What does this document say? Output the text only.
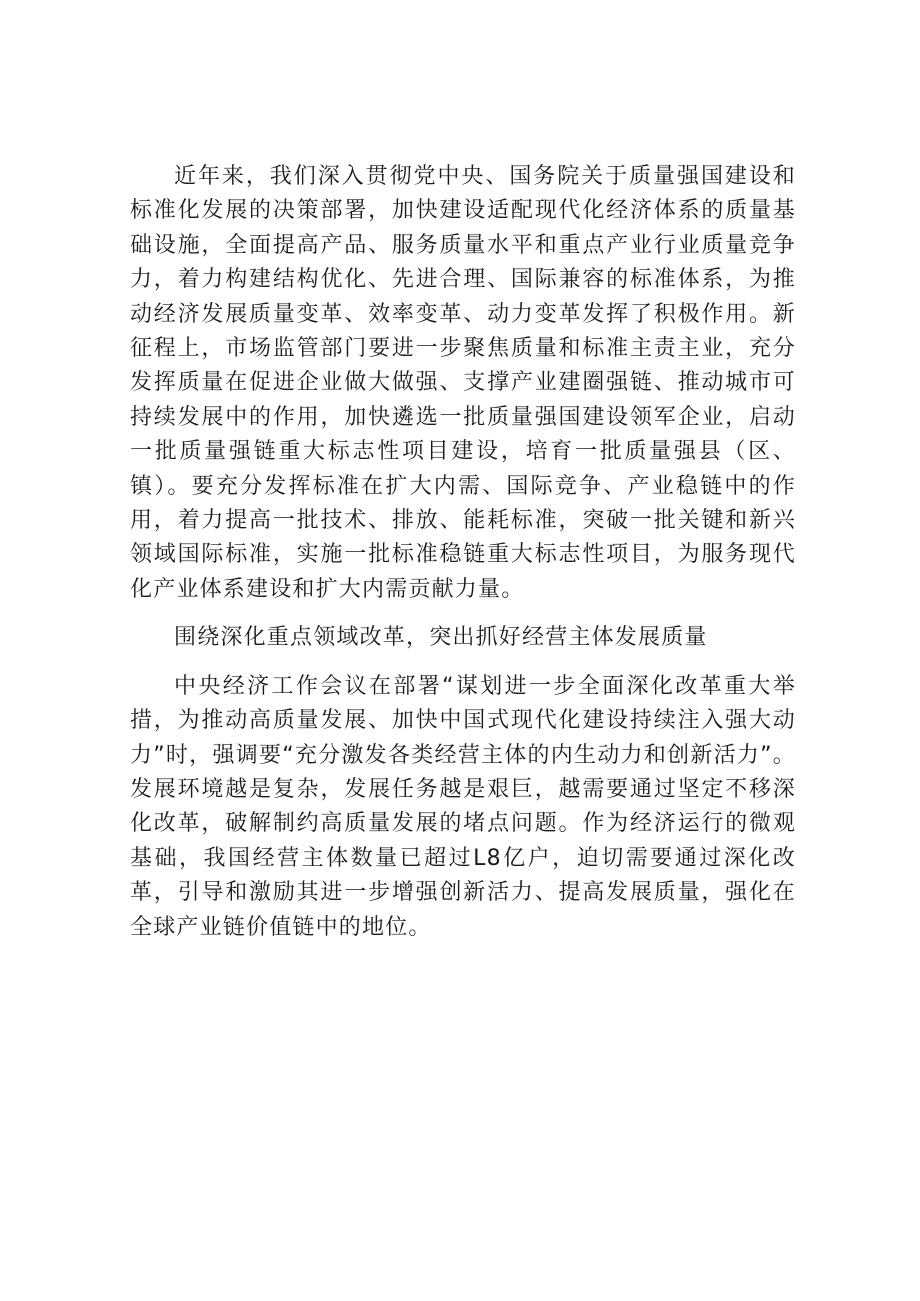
近年来，我们深入贯彻党中央、国务院关于质量强国建设和标准化发展的决策部署，加快建设适配现代化经济体系的质量基础设施，全面提高产品、服务质量水平和重点产业行业质量竞争力，着力构建结构优化、先进合理、国际兼容的标准体系，为推动经济发展质量变革、效率变革、动力变革发挥了积极作用。新征程上，市场监管部门要进一步聚焦质量和标准主责主业，充分发挥质量在促进企业做大做强、支撑产业建圈强链、推动城市可持续发展中的作用，加快遴选一批质量强国建设领军企业，启动一批质量强链重大标志性项目建设，培育一批质量强县（区、镇）。要充分发挥标准在扩大内需、国际竞争、产业稳链中的作用，着力提高一批技术、排放、能耗标准，突破一批关键和新兴领域国际标准，实施一批标准稳链重大标志性项目，为服务现代化产业体系建设和扩大内需贡献力量。

围绕深化重点领域改革，突出抓好经营主体发展质量

中央经济工作会议在部署“谋划进一步全面深化改革重大举措，为推动高质量发展、加快中国式现代化建设持续注入强大动力”时，强调要“充分激发各类经营主体的内生动力和创新活力”。发展环境越是复杂，发展任务越是艰巨，越需要通过坚定不移深化改革，破解制约高质量发展的堵点问题。作为经济运行的微观基础，我国经营主体数量已超过L8亿户，迫切需要通过深化改革，引导和激励其进一步增强创新活力、提高发展质量，强化在全球产业链价值链中的地位。
